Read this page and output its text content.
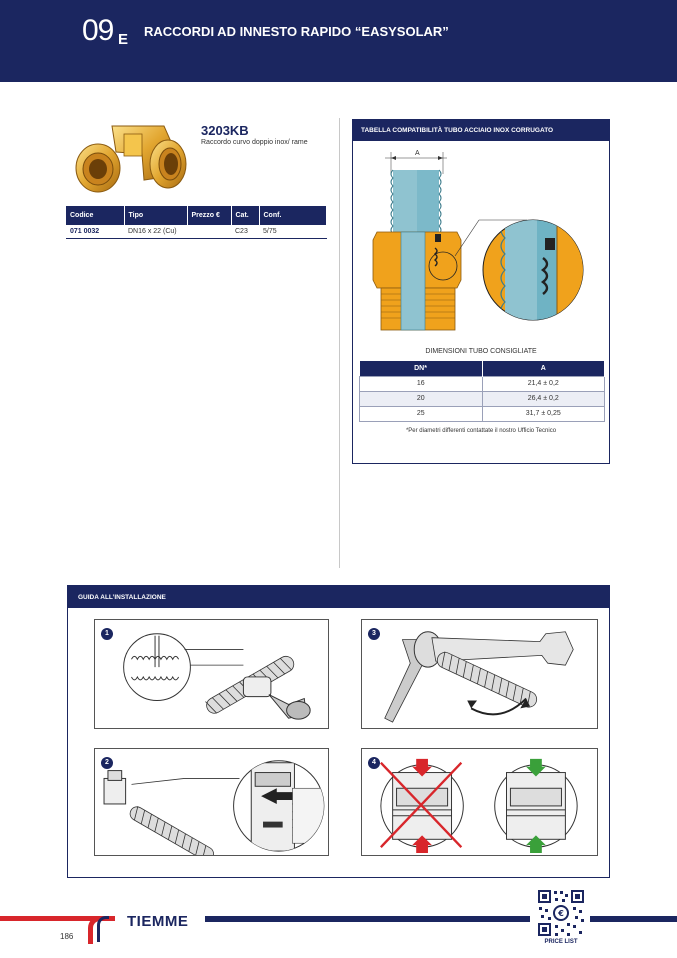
09 E RACCORDI AD INNESTO RAPIDO “EASYSOLAR”
3203KB
Raccordo curvo doppio inox/ rame
Codice	Tipo	Prezzo €	Cat.	Conf.
071 0032	DN16 x 22 (Cu)		C23	5/75
TABELLA COMPATIBILITÀ TUBO ACCIAIO INOX CORRUGATO
A
DIMENSIONI TUBO CONSIGLIATE
DN*	A
16	21,4 ± 0,2
20	26,4 ± 0,2
25	31,7 ± 0,25
*Per diametri differenti contattate il nostro Ufficio Tecnico
GUIDA ALL’INSTALLAZIONE
1	3
2	4
TIEMME
186
€
PRICE LIST
